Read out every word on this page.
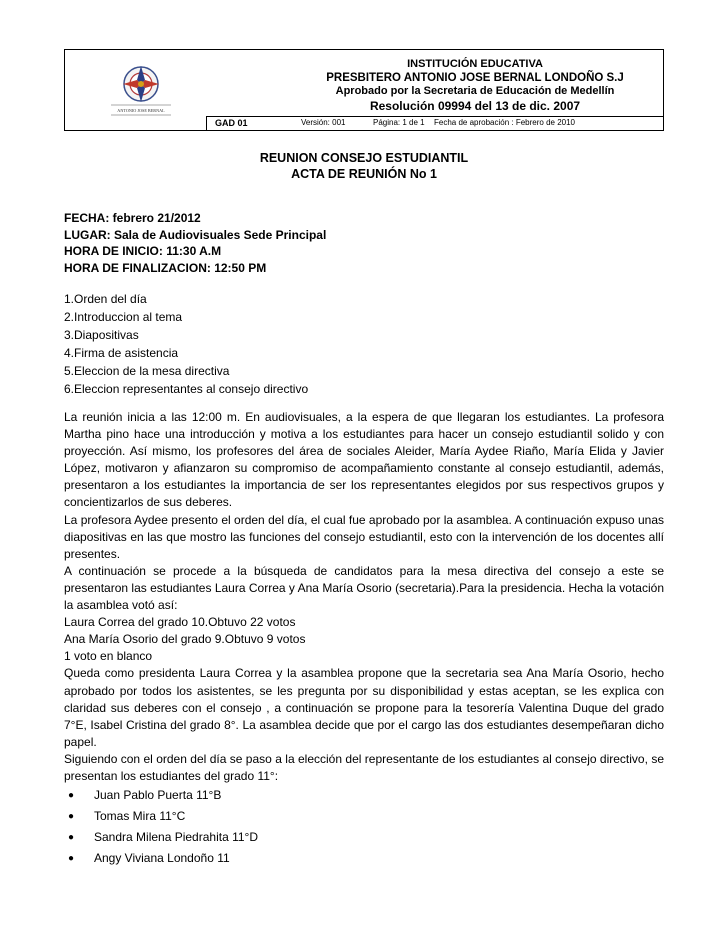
ANTONIO JOSE BERNAL
INSTITUCIÓN EDUCATIVA
PRESBITERO ANTONIO JOSE BERNAL LONDOÑO S.J
Aprobado por la Secretaria de Educación de Medellín
Resolución 09994 del 13 de dic. 2007
GAD 01	Versión: 001	Página: 1 de 1 Fecha de aprobación : Febrero de 2010
REUNION CONSEJO ESTUDIANTIL
ACTA DE REUNIÓN No 1
FECHA: febrero 21/2012
LUGAR: Sala de Audiovisuales Sede Principal
HORA DE INICIO: 11:30 A.M
HORA DE FINALIZACION: 12:50 PM
1.Orden del día
2.Introduccion al tema
3.Diapositivas
4.Firma de asistencia
5.Eleccion de la mesa directiva
6.Eleccion representantes al consejo directivo

La reunión inicia a las 12:00 m. En audiovisuales, a la espera de que llegaran los estudiantes. La profesora Martha pino hace una introducción y motiva a los estudiantes para hacer un consejo estudiantil solido y con proyección. Así mismo, los profesores del área de sociales Aleider, María Aydee Riaño, María Elida y Javier López, motivaron y afianzaron su compromiso de acompañamiento constante al consejo estudiantil, además, presentaron a los estudiantes la importancia de ser los representantes elegidos por sus respectivos grupos y concientizarlos de sus deberes.

La profesora Aydee presento el orden del día, el cual fue aprobado por la asamblea. A continuación expuso unas diapositivas en las que mostro las funciones del consejo estudiantil, esto con la intervención de los docentes allí presentes.

A continuación se procede a la búsqueda de candidatos para la mesa directiva del consejo a este se presentaron las estudiantes Laura Correa y Ana María Osorio (secretaria).Para la presidencia. Hecha la votación la asamblea votó así:

Laura Correa del grado 10.Obtuvo 22 votos

Ana María Osorio del grado 9.Obtuvo 9 votos

1 voto en blanco

Queda como presidenta Laura Correa y la asamblea propone que la secretaria sea Ana María Osorio, hecho aprobado por todos los asistentes, se les pregunta por su disponibilidad y estas aceptan, se les explica con claridad sus deberes con el consejo , a continuación se propone para la tesorería Valentina Duque del grado 7°E, Isabel Cristina del grado 8°. La asamblea decide que por el cargo las dos estudiantes desempeñaran dicho papel.

Siguiendo con el orden del día se paso a la elección del representante de los estudiantes al consejo directivo, se presentan los estudiantes del grado 11°:

● Juan Pablo Puerta 11°B
● Tomas Mira 11°C
● Sandra Milena Piedrahita 11°D
● Angy Viviana Londoño 11
